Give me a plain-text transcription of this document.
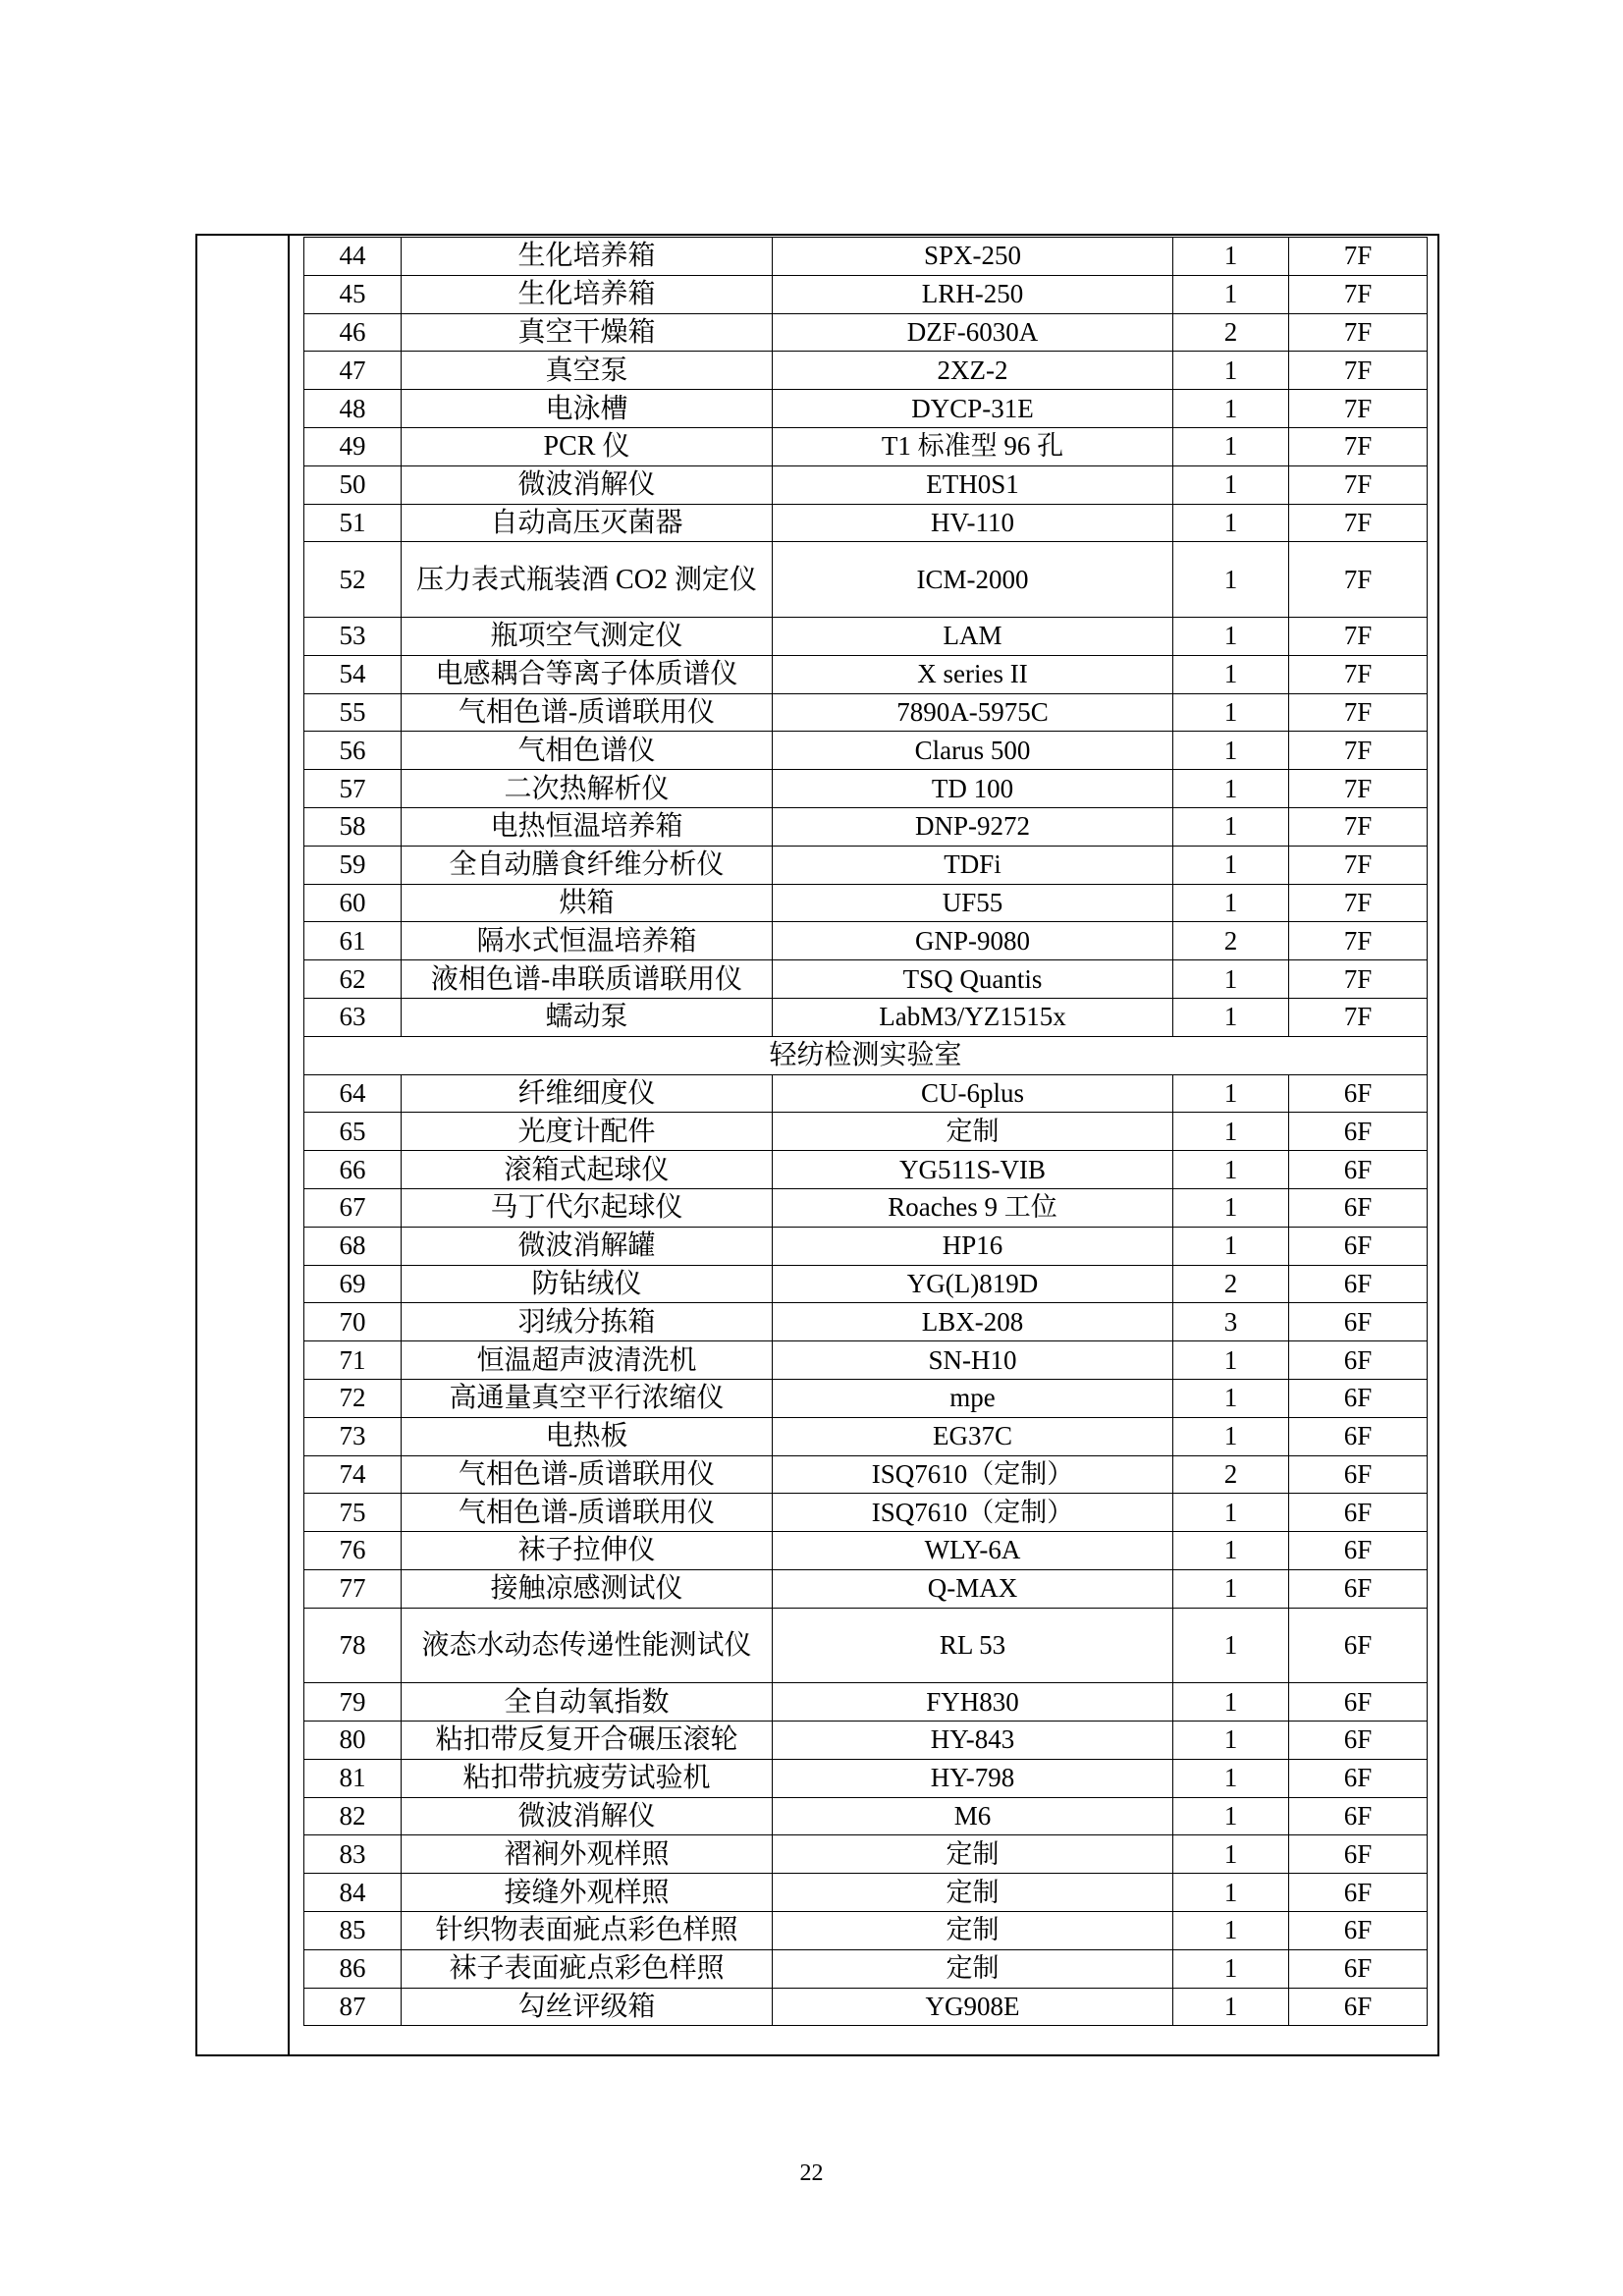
44	生化培养箱	SPX-250	1	7F
45	生化培养箱	LRH-250	1	7F
46	真空干燥箱	DZF-6030A	2	7F
47	真空泵	2XZ-2	1	7F
48	电泳槽	DYCP-31E	1	7F
49	PCR 仪	T1 标准型 96 孔	1	7F
50	微波消解仪	ETH0S1	1	7F
51	自动高压灭菌器	HV-110	1	7F
52	压力表式瓶装酒 CO2 测定仪	ICM-2000	1	7F
53	瓶项空气测定仪	LAM	1	7F
54	电感耦合等离子体质谱仪	X series II	1	7F
55	气相色谱-质谱联用仪	7890A-5975C	1	7F
56	气相色谱仪	Clarus 500	1	7F
57	二次热解析仪	TD 100	1	7F
58	电热恒温培养箱	DNP-9272	1	7F
59	全自动膳食纤维分析仪	TDFi	1	7F
60	烘箱	UF55	1	7F
61	隔水式恒温培养箱	GNP-9080	2	7F
62	液相色谱-串联质谱联用仪	TSQ Quantis	1	7F
63	蠕动泵	LabM3/YZ1515x	1	7F
轻纺检测实验室				
64	纤维细度仪	CU-6plus	1	6F
65	光度计配件	定制	1	6F
66	滚箱式起球仪	YG511S-VIB	1	6F
67	马丁代尔起球仪	Roaches 9 工位	1	6F
68	微波消解罐	HP16	1	6F
69	防钻绒仪	YG(L)819D	2	6F
70	羽绒分拣箱	LBX-208	3	6F
71	恒温超声波清洗机	SN-H10	1	6F
72	高通量真空平行浓缩仪	mpe	1	6F
73	电热板	EG37C	1	6F
74	气相色谱-质谱联用仪	ISQ7610（定制）	2	6F
75	气相色谱-质谱联用仪	ISQ7610（定制）	1	6F
76	袜子拉伸仪	WLY-6A	1	6F
77	接触凉感测试仪	Q-MAX	1	6F
78	液态水动态传递性能测试仪	RL 53	1	6F
79	全自动氧指数	FYH830	1	6F
80	粘扣带反复开合碾压滚轮	HY-843	1	6F
81	粘扣带抗疲劳试验机	HY-798	1	6F
82	微波消解仪	M6	1	6F
83	褶裥外观样照	定制	1	6F
84	接缝外观样照	定制	1	6F
85	针织物表面疵点彩色样照	定制	1	6F
86	袜子表面疵点彩色样照	定制	1	6F
87	勾丝评级箱	YG908E	1	6F
22
